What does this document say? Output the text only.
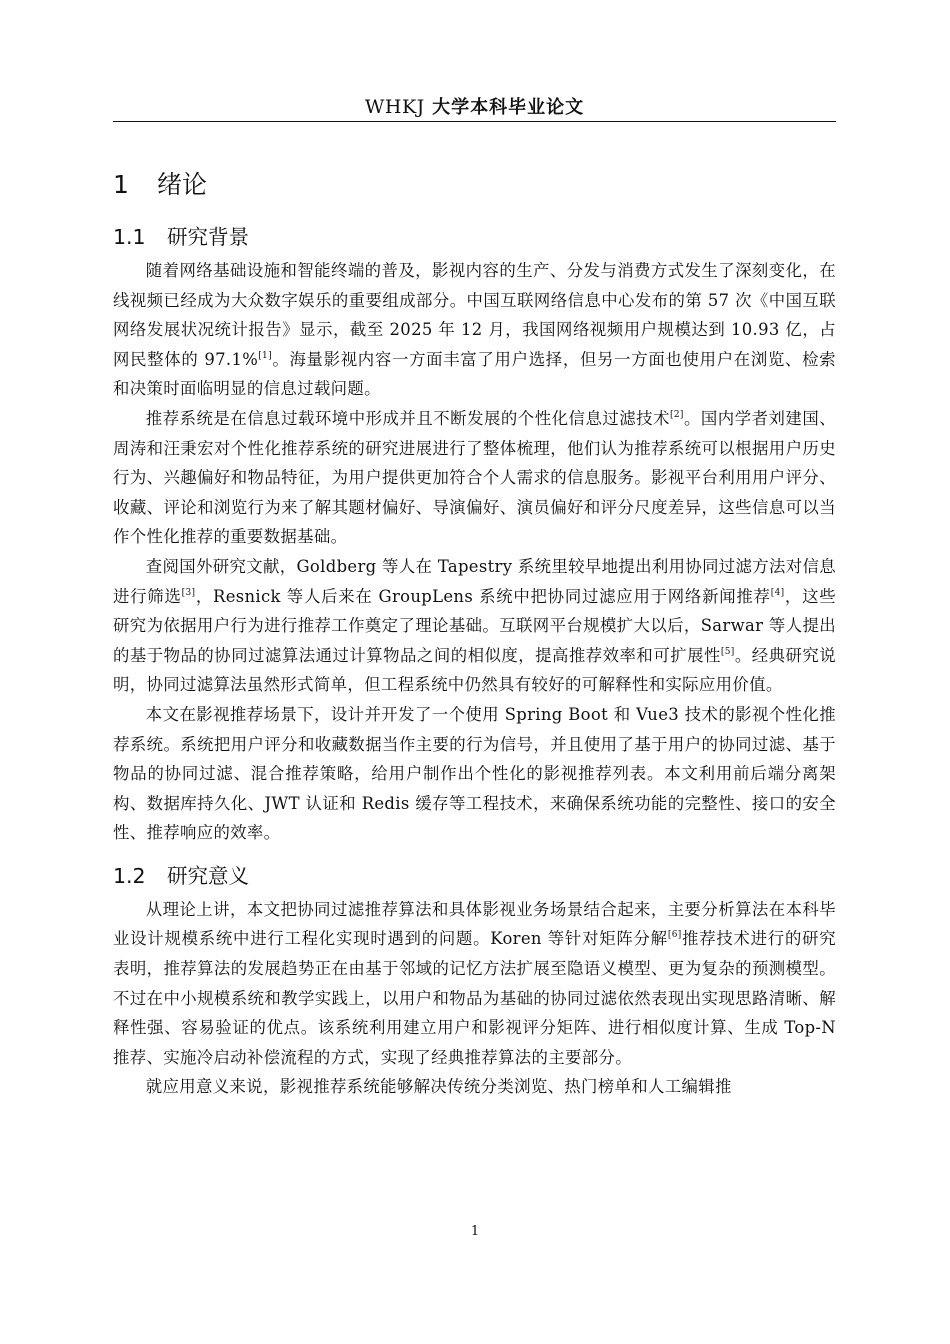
WHKJ 大学本科毕业论文
1 绪论
1.1 研究背景

随着网络基础设施和智能终端的普及，影视内容的生产、分发与消费方式发生了深刻变化，在线视频已经成为大众数字娱乐的重要组成部分。中国互联网络信息中心发布的第 57 次《中国互联网络发展状况统计报告》显示，截至 2025 年 12 月，我国网络视频用户规模达到 10.93 亿，占网民整体的 97.1%[1]。海量影视内容一方面丰富了用户选择，但另一方面也使用户在浏览、检索和决策时面临明显的信息过载问题。

推荐系统是在信息过载环境中形成并且不断发展的个性化信息过滤技术[2]。国内学者刘建国、周涛和汪秉宏对个性化推荐系统的研究进展进行了整体梳理，他们认为推荐系统可以根据用户历史行为、兴趣偏好和物品特征，为用户提供更加符合个人需求的信息服务。影视平台利用用户评分、收藏、评论和浏览行为来了解其题材偏好、导演偏好、演员偏好和评分尺度差异，这些信息可以当作个性化推荐的重要数据基础。

查阅国外研究文献，Goldberg 等人在 Tapestry 系统里较早地提出利用协同过滤方法对信息进行筛选[3]，Resnick 等人后来在 GroupLens 系统中把协同过滤应用于网络新闻推荐[4]，这些研究为依据用户行为进行推荐工作奠定了理论基础。互联网平台规模扩大以后，Sarwar 等人提出的基于物品的协同过滤算法通过计算物品之间的相似度，提高推荐效率和可扩展性[5]。经典研究说明，协同过滤算法虽然形式简单，但工程系统中仍然具有较好的可解释性和实际应用价值。

本文在影视推荐场景下，设计并开发了一个使用 Spring Boot 和 Vue3 技术的影视个性化推荐系统。系统把用户评分和收藏数据当作主要的行为信号，并且使用了基于用户的协同过滤、基于物品的协同过滤、混合推荐策略，给用户制作出个性化的影视推荐列表。本文利用前后端分离架构、数据库持久化、JWT 认证和 Redis 缓存等工程技术，来确保系统功能的完整性、接口的安全性、推荐响应的效率。

1.2 研究意义

从理论上讲，本文把协同过滤推荐算法和具体影视业务场景结合起来，主要分析算法在本科毕业设计规模系统中进行工程化实现时遇到的问题。Koren 等针对矩阵分解[6]推荐技术进行的研究表明，推荐算法的发展趋势正在由基于邻域的记忆方法扩展至隐语义模型、更为复杂的预测模型。不过在中小规模系统和教学实践上，以用户和物品为基础的协同过滤依然表现出实现思路清晰、解释性强、容易验证的优点。该系统利用建立用户和影视评分矩阵、进行相似度计算、生成 Top-N 推荐、实施冷启动补偿流程的方式，实现了经典推荐算法的主要部分。

就应用意义来说，影视推荐系统能够解决传统分类浏览、热门榜单和人工编辑推

1
